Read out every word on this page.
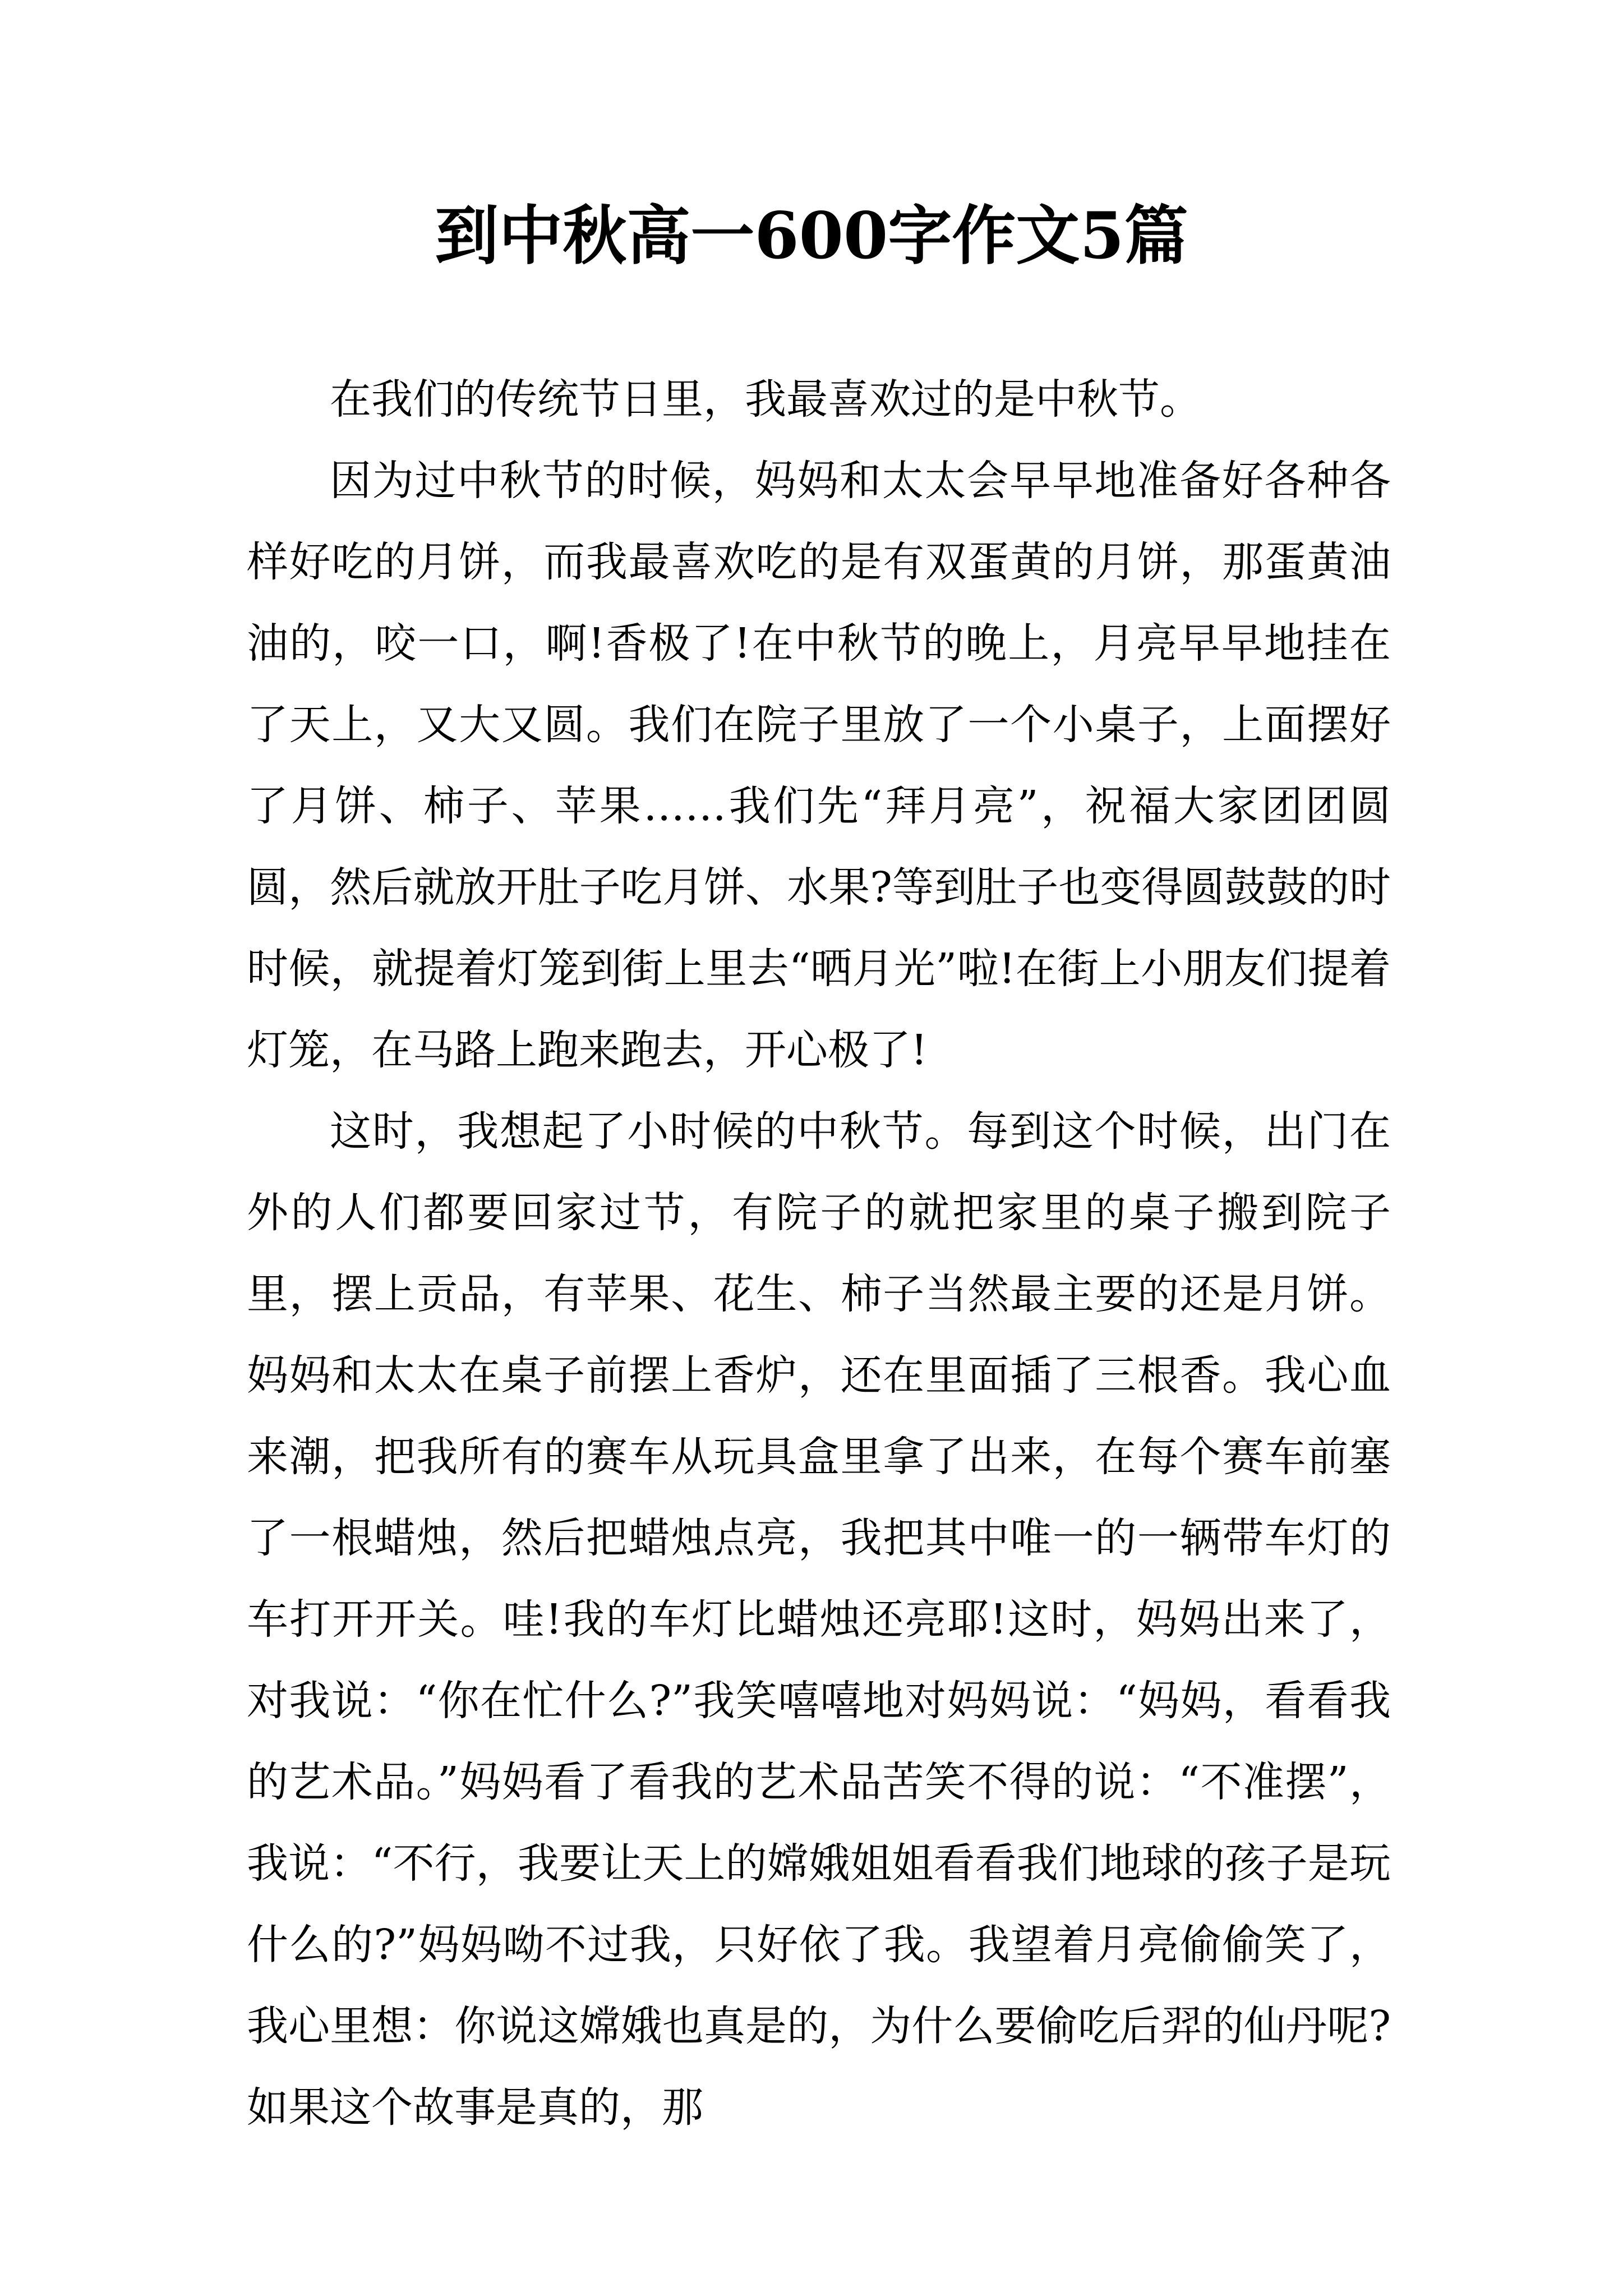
到中秋高一600字作文5篇

在我们的传统节日里，我最喜欢过的是中秋节。

因为过中秋节的时候，妈妈和太太会早早地准备好各种各样好吃的月饼，而我最喜欢吃的是有双蛋黄的月饼，那蛋黄油油的，咬一口，啊!香极了!在中秋节的晚上，月亮早早地挂在了天上，又大又圆。我们在院子里放了一个小桌子，上面摆好了月饼、柿子、苹果……我们先“拜月亮”，祝福大家团团圆圆，然后就放开肚子吃月饼、水果?等到肚子也变得圆鼓鼓的时时候，就提着灯笼到街上里去“晒月光”啦!在街上小朋友们提着灯笼，在马路上跑来跑去，开心极了!

这时，我想起了小时候的中秋节。每到这个时候，出门在外的人们都要回家过节，有院子的就把家里的桌子搬到院子里，摆上贡品，有苹果、花生、柿子当然最主要的还是月饼。妈妈和太太在桌子前摆上香炉，还在里面插了三根香。我心血来潮，把我所有的赛车从玩具盒里拿了出来，在每个赛车前塞了一根蜡烛，然后把蜡烛点亮，我把其中唯一的一辆带车灯的车打开开关。哇!我的车灯比蜡烛还亮耶!这时，妈妈出来了，对我说：“你在忙什么?”我笑嘻嘻地对妈妈说：“妈妈，看看我的艺术品。”妈妈看了看我的艺术品苦笑不得的说：“不准摆”，我说：“不行，我要让天上的嫦娥姐姐看看我们地球的孩子是玩什么的?”妈妈呦不过我，只好依了我。我望着月亮偷偷笑了，我心里想：你说这嫦娥也真是的，为什么要偷吃后羿的仙丹呢?如果这个故事是真的，那
